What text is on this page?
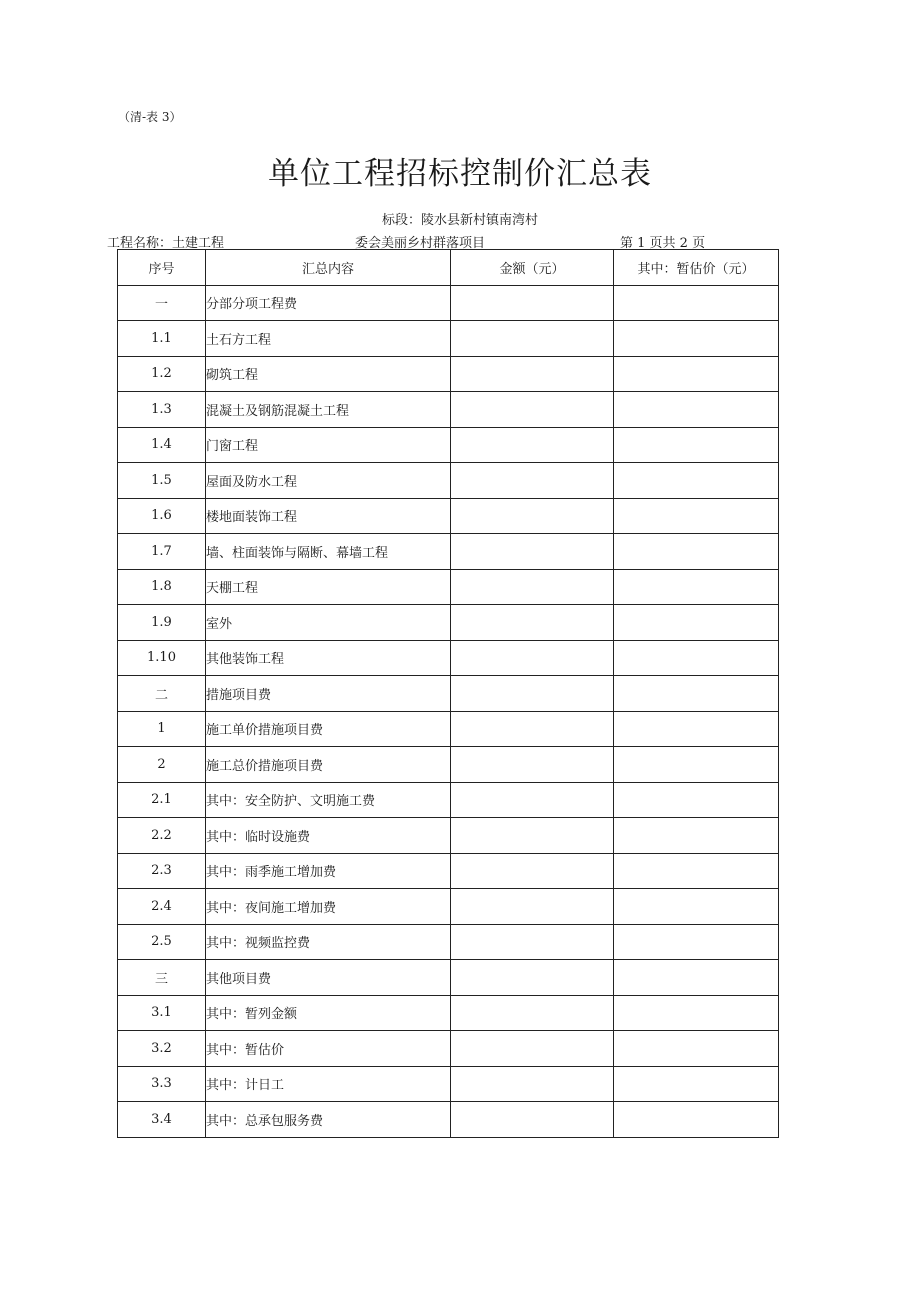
（清-表 3）
单位工程招标控制价汇总表
标段：陵水县新村镇南湾村
工程名称：土建工程	委会美丽乡村群落项目	第 1 页共 2 页
序号	汇总内容	金额（元）	其中：暂估价（元）
一	分部分项工程费		
1.1	土石方工程		
1.2	砌筑工程		
1.3	混凝土及钢筋混凝土工程		
1.4	门窗工程		
1.5	屋面及防水工程		
1.6	楼地面装饰工程		
1.7	墙、柱面装饰与隔断、幕墙工程		
1.8	天棚工程		
1.9	室外		
1.10	其他装饰工程		
二	措施项目费		
1	施工单价措施项目费		
2	施工总价措施项目费		
2.1	其中：安全防护、文明施工费		
2.2	其中：临时设施费		
2.3	其中：雨季施工增加费		
2.4	其中：夜间施工增加费		
2.5	其中：视频监控费		
三	其他项目费		
3.1	其中：暂列金额		
3.2	其中：暂估价		
3.3	其中：计日工		
3.4	其中：总承包服务费		
